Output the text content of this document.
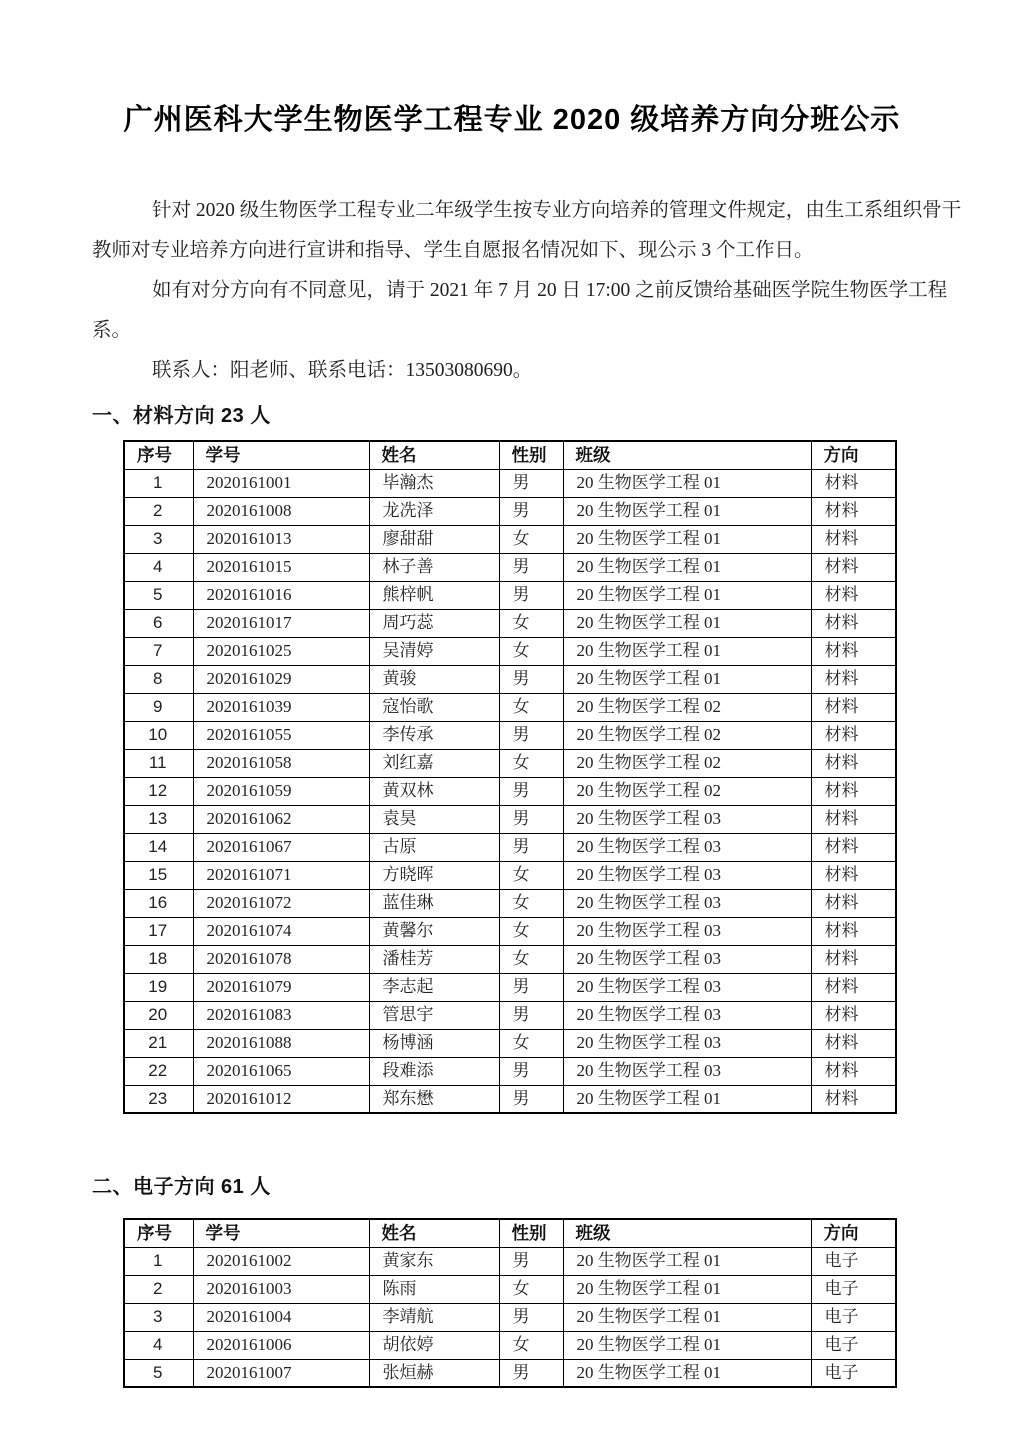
广州医科大学生物医学工程专业 2020 级培养方向分班公示
针对 2020 级生物医学工程专业二年级学生按专业方向培养的管理文件规定，由生工系组织骨干
教师对专业培养方向进行宣讲和指导、学生自愿报名情况如下、现公示 3 个工作日。
如有对分方向有不同意见，请于 2021 年 7 月 20 日 17:00 之前反馈给基础医学院生物医学工程
系。
联系人：阳老师、联系电话：13503080690。
一、材料方向 23 人
序号	学号	姓名	性别	班级	方向
1	2020161001	毕瀚杰	男	20 生物医学工程 01	材料
2	2020161008	龙冼泽	男	20 生物医学工程 01	材料
3	2020161013	廖甜甜	女	20 生物医学工程 01	材料
4	2020161015	林子善	男	20 生物医学工程 01	材料
5	2020161016	熊梓帆	男	20 生物医学工程 01	材料
6	2020161017	周巧蕊	女	20 生物医学工程 01	材料
7	2020161025	吴清婷	女	20 生物医学工程 01	材料
8	2020161029	黄骏	男	20 生物医学工程 01	材料
9	2020161039	寇怡歌	女	20 生物医学工程 02	材料
10	2020161055	李传承	男	20 生物医学工程 02	材料
11	2020161058	刘红嘉	女	20 生物医学工程 02	材料
12	2020161059	黄双林	男	20 生物医学工程 02	材料
13	2020161062	袁昊	男	20 生物医学工程 03	材料
14	2020161067	古原	男	20 生物医学工程 03	材料
15	2020161071	方晓晖	女	20 生物医学工程 03	材料
16	2020161072	蓝佳琳	女	20 生物医学工程 03	材料
17	2020161074	黄馨尔	女	20 生物医学工程 03	材料
18	2020161078	潘桂芳	女	20 生物医学工程 03	材料
19	2020161079	李志起	男	20 生物医学工程 03	材料
20	2020161083	管思宇	男	20 生物医学工程 03	材料
21	2020161088	杨博涵	女	20 生物医学工程 03	材料
22	2020161065	段难添	男	20 生物医学工程 03	材料
23	2020161012	郑东懋	男	20 生物医学工程 01	材料
二、电子方向 61 人
序号	学号	姓名	性别	班级	方向
1	2020161002	黄家东	男	20 生物医学工程 01	电子
2	2020161003	陈雨	女	20 生物医学工程 01	电子
3	2020161004	李靖航	男	20 生物医学工程 01	电子
4	2020161006	胡依婷	女	20 生物医学工程 01	电子
5	2020161007	张烜赫	男	20 生物医学工程 01	电子
